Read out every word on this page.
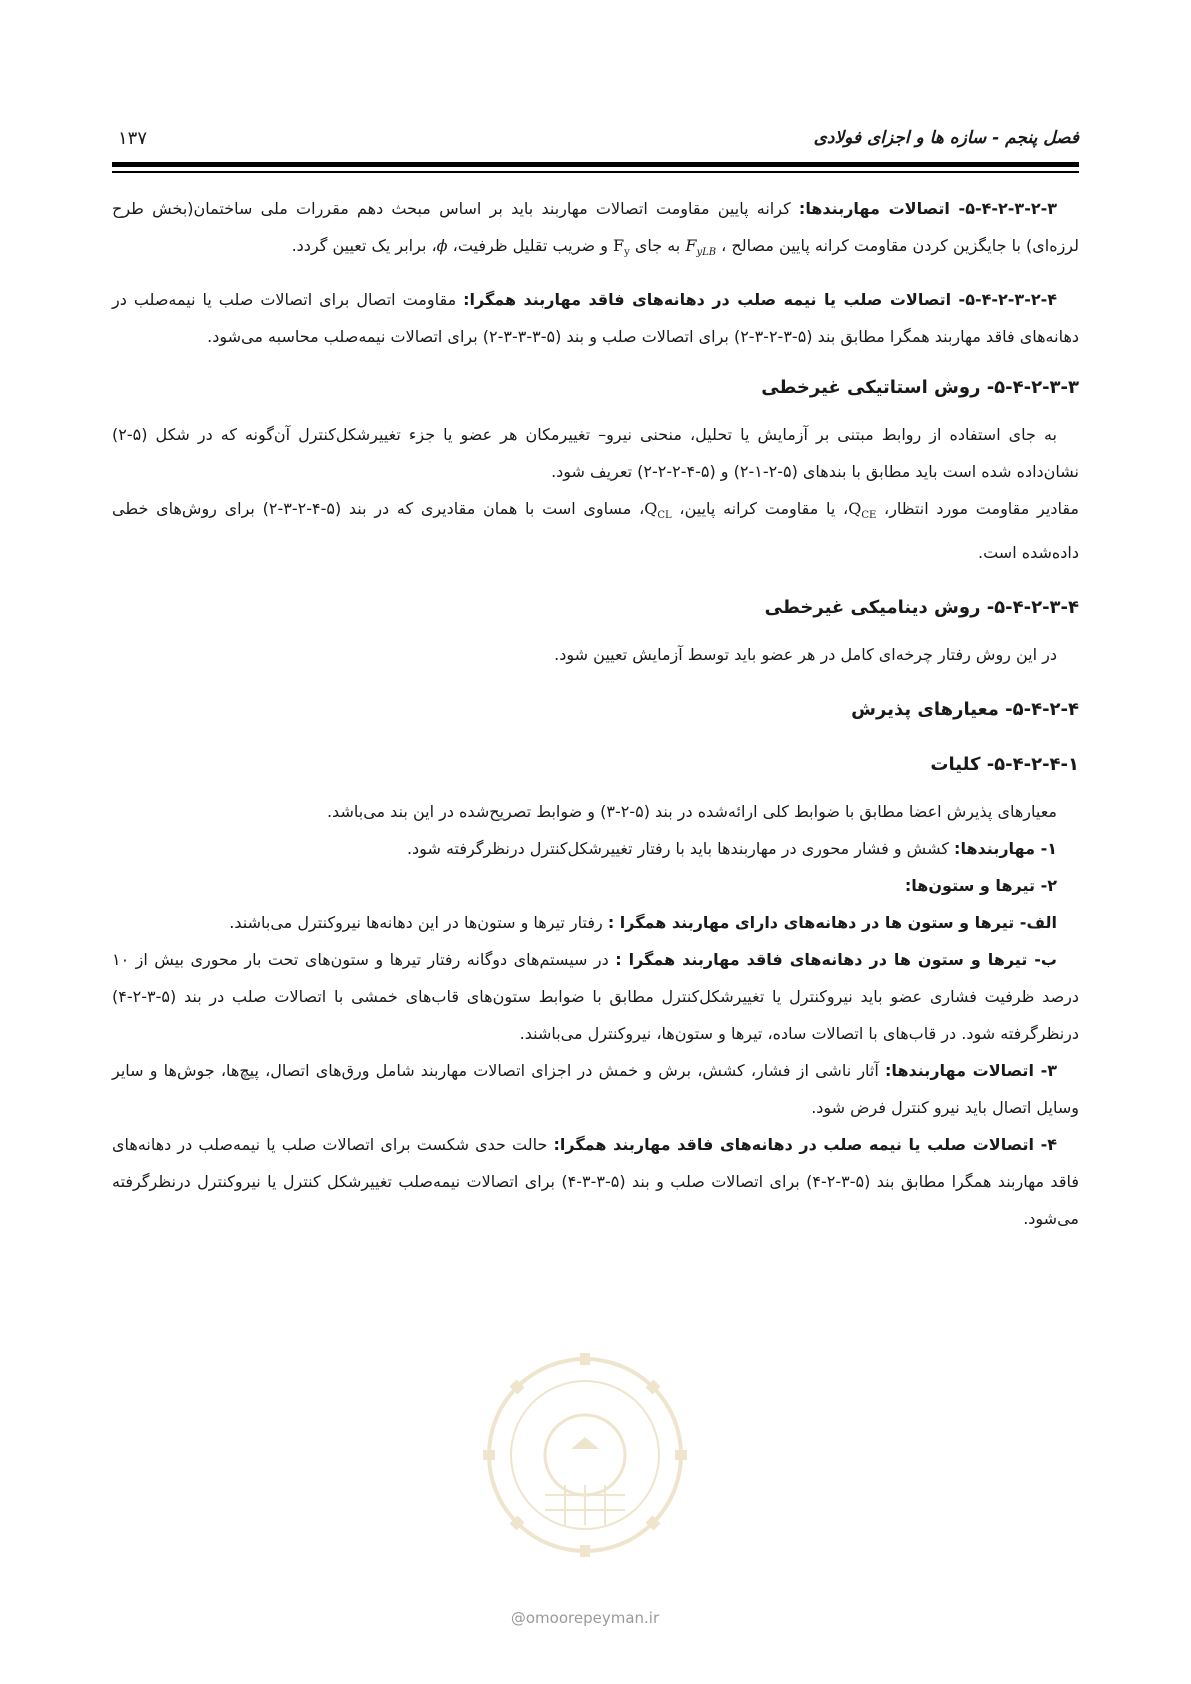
فصل پنجم - سازه ها و اجزای فولادی
۱۳۷

۵-۴-۲-۳-۲-۳- اتصالات مهاربندها: کرانه پایین مقاومت اتصالات مهاربند باید بر اساس مبحث دهم مقررات ملی ساختمان(بخش طرح لرزه‌ای) با جایگزین کردن مقاومت کرانه پایین مصالح ، $F_{yLB}$ به جای $F_y$ و ضریب تقلیل ظرفیت، ϕ، برابر یک تعیین گردد.

۵-۴-۲-۳-۲-۴- اتصالات صلب یا نیمه صلب در دهانه‌های فاقد مهاربند همگرا: مقاومت اتصال برای اتصالات صلب یا نیمه‌صلب در دهانه‌های فاقد مهاربند همگرا مطابق بند (۵-۳-۲-۳-۲) برای اتصالات صلب و بند (۵-۳-۳-۳-۲) برای اتصالات نیمه‌صلب محاسبه می‌شود.

۵-۴-۲-۳-۳- روش استاتیکی غیرخطی

به جای استفاده از روابط مبتنی بر آزمایش یا تحلیل، منحنی نیرو– تغییرمکان هر عضو یا جزء تغییرشکل‌کنترل آن‌گونه که در شکل (۵-۲) نشان‌داده شده است باید مطابق با بندهای (۵-۲-۱-۲) و (۵-۴-۲-۲-۲) تعریف شود.

مقادیر مقاومت مورد انتظار، $Q_{CE}،$ یا مقاومت کرانه پایین، $Q_{CL}،$ مساوی است با همان مقادیری که در بند (۵-۴-۲-۳-۲) برای روش‌های خطی داده‌شده است.

۵-۴-۲-۳-۴- روش دینامیکی غیرخطی

در این روش رفتار چرخه‌ای کامل در هر عضو باید توسط آزمایش تعیین شود.

۵-۴-۲-۴- معیارهای پذیرش
۵-۴-۲-۴-۱- کلیات

معیارهای پذیرش اعضا مطابق با ضوابط کلی ارائه‌شده در بند (۵-۲-۳) و ضوابط تصریح‌شده در این بند می‌باشد.

۱- مهاربندها: کشش و فشار محوری در مهاربندها باید با رفتار تغییرشکل‌کنترل درنظرگرفته شود.

۲- تیرها و ستون‌ها:

الف- تیرها و ستون ها در دهانه‌های دارای مهاربند همگرا : رفتار تیرها و ستون‌ها در این دهانه‌ها نیروکنترل می‌باشند.

ب- تیرها و ستون ها در دهانه‌های فاقد مهاربند همگرا : در سیستم‌های دوگانه رفتار تیرها و ستون‌های تحت بار محوری بیش از ۱۰ درصد ظرفیت فشاری عضو باید نیروکنترل یا تغییرشکل‌کنترل مطابق با ضوابط ستون‌های قاب‌های خمشی با اتصالات صلب در بند (۵-۳-۲-۴) درنظرگرفته شود. در قاب‌های با اتصالات ساده، تیرها و ستون‌ها، نیروکنترل می‌باشند.

۳- اتصالات مهاربندها: آثار ناشی از فشار، کشش، برش و خمش در اجزای اتصالات مهاربند شامل ورق‌های اتصال، پیچ‌ها، جوش‌ها و سایر وسایل اتصال باید نیرو کنترل فرض شود.

۴- اتصالات صلب یا نیمه صلب در دهانه‌های فاقد مهاربند همگرا: حالت حدی شکست برای اتصالات صلب یا نیمه‌صلب در دهانه‌های فاقد مهاربند همگرا مطابق بند (۵-۳-۲-۴) برای اتصالات صلب و بند (۵-۳-۳-۴) برای اتصالات نیمه‌صلب تغییرشکل کنترل یا نیروکنترل درنظرگرفته می‌شود.

@omoorepeyman.ir
